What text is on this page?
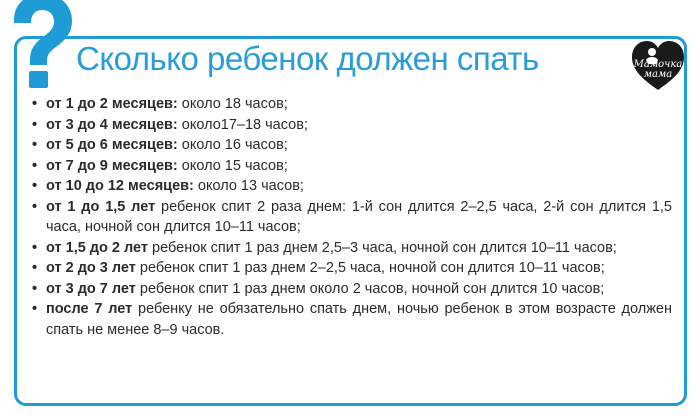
Сколько ребенок должен спать	Мамочка
мама
• от 1 до 2 месяцев: около 18 часов;
• от 3 до 4 месяцев: около17–18 часов;
• от 5 до 6 месяцев: около 16 часов;
• от 7 до 9 месяцев: около 15 часов;
• от 10 до 12 месяцев: около 13 часов;
• от 1 до 1,5 лет ребенок спит 2 раза днем: 1-й сон длится 2–2,5 часа, 2-й сон длится 1,5 часа, ночной сон длится 10–11 часов;
• от 1,5 до 2 лет ребенок спит 1 раз днем 2,5–3 часа, ночной сон длится 10–11 часов;
• от 2 до 3 лет ребенок спит 1 раз днем 2–2,5 часа, ночной сон длится 10–11 часов;
• от 3 до 7 лет ребенок спит 1 раз днем около 2 часов, ночной сон длится 10 часов;
• после 7 лет ребенку не обязательно спать днем, ночью ребенок в этом возрасте должен спать не менее 8–9 часов.
